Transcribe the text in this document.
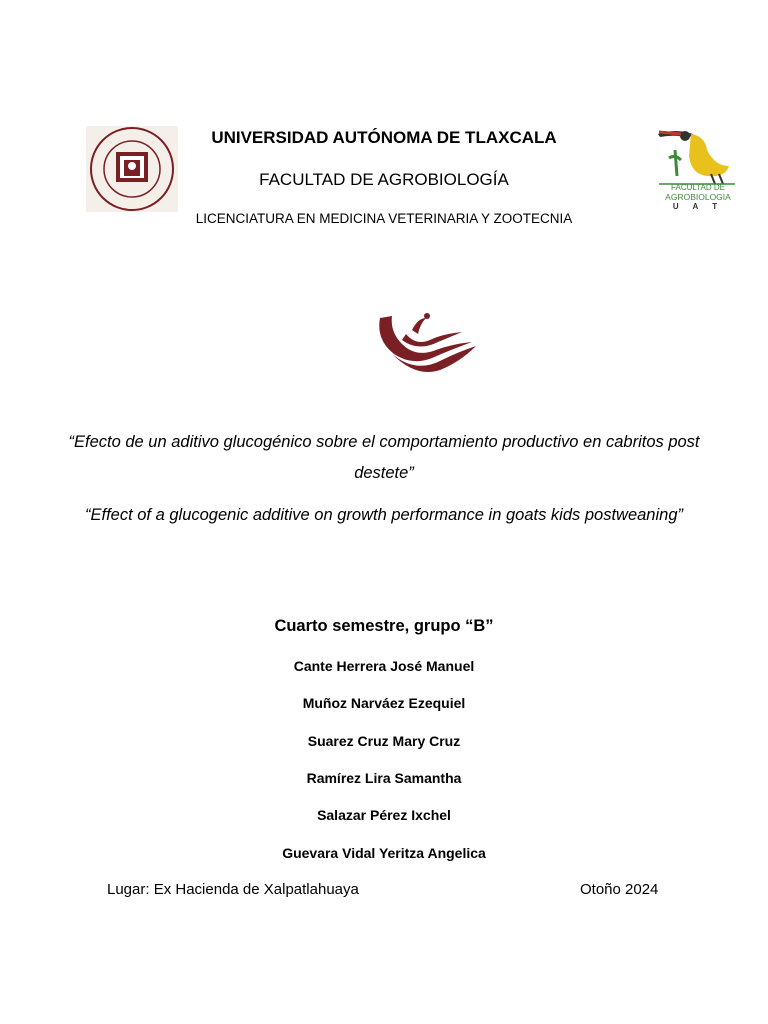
FACULTAD DE
AGROBIOLOGIA
U A T
UNIVERSIDAD AUTÓNOMA DE TLAXCALA
FACULTAD DE AGROBIOLOGÍA
LICENCIATURA EN MEDICINA VETERINARIA Y ZOOTECNIA
“Efecto de un aditivo glucogénico sobre el comportamiento productivo en cabritos post destete”
“Effect of a glucogenic additive on growth performance in goats kids postweaning”
Cuarto semestre, grupo “B”
Cante Herrera José Manuel
Muñoz Narváez Ezequiel
Suarez Cruz Mary Cruz
Ramírez Lira Samantha
Salazar Pérez Ixchel
Guevara Vidal Yeritza Angelica
Lugar: Ex Hacienda de Xalpatlahuaya	Otoño 2024
